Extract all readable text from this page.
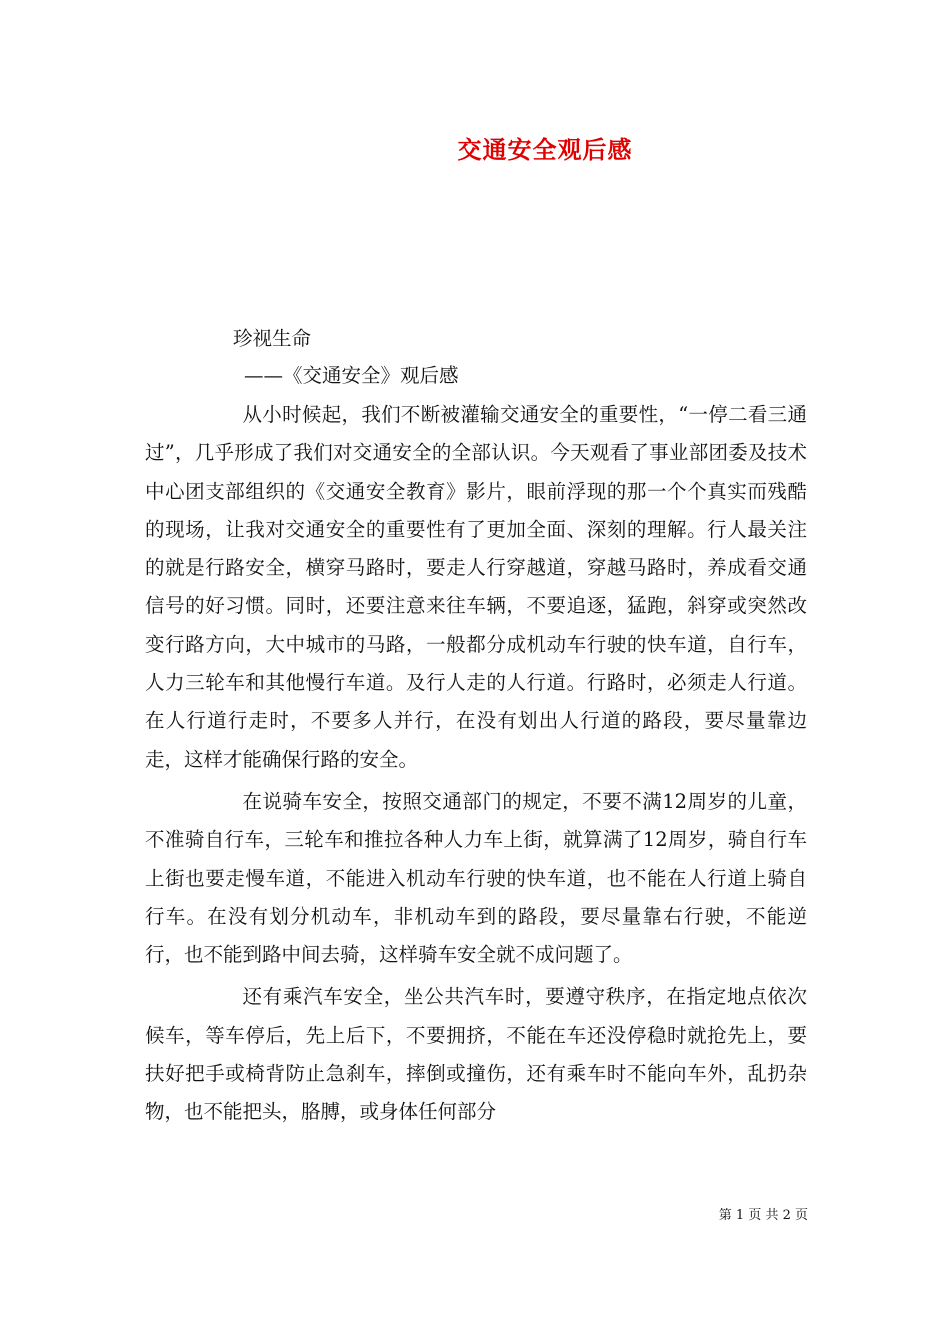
交通安全观后感
珍视生命
——《交通安全》观后感

从小时候起，我们不断被灌输交通安全的重要性，“一停二看三通过”，几乎形成了我们对交通安全的全部认识。今天观看了事业部团委及技术中心团支部组织的《交通安全教育》影片，眼前浮现的那一个个真实而残酷的现场，让我对交通安全的重要性有了更加全面、深刻的理解。行人最关注的就是行路安全，横穿马路时，要走人行穿越道，穿越马路时，养成看交通信号的好习惯。同时，还要注意来往车辆，不要追逐，猛跑，斜穿或突然改变行路方向，大中城市的马路，一般都分成机动车行驶的快车道，自行车，人力三轮车和其他慢行车道。及行人走的人行道。行路时，必须走人行道。在人行道行走时，不要多人并行，在没有划出人行道的路段，要尽量靠边走，这样才能确保行路的安全。

在说骑车安全，按照交通部门的规定，不要不满12周岁的儿童，不准骑自行车，三轮车和推拉各种人力车上街，就算满了12周岁，骑自行车上街也要走慢车道，不能进入机动车行驶的快车道，也不能在人行道上骑自行车。在没有划分机动车，非机动车到的路段，要尽量靠右行驶，不能逆行，也不能到路中间去骑，这样骑车安全就不成问题了。

还有乘汽车安全，坐公共汽车时，要遵守秩序，在指定地点依次候车，等车停后，先上后下，不要拥挤，不能在车还没停稳时就抢先上，要扶好把手或椅背防止急刹车，摔倒或撞伤，还有乘车时不能向车外，乱扔杂物，也不能把头，胳膊，或身体任何部分

第 1 页 共 2 页
